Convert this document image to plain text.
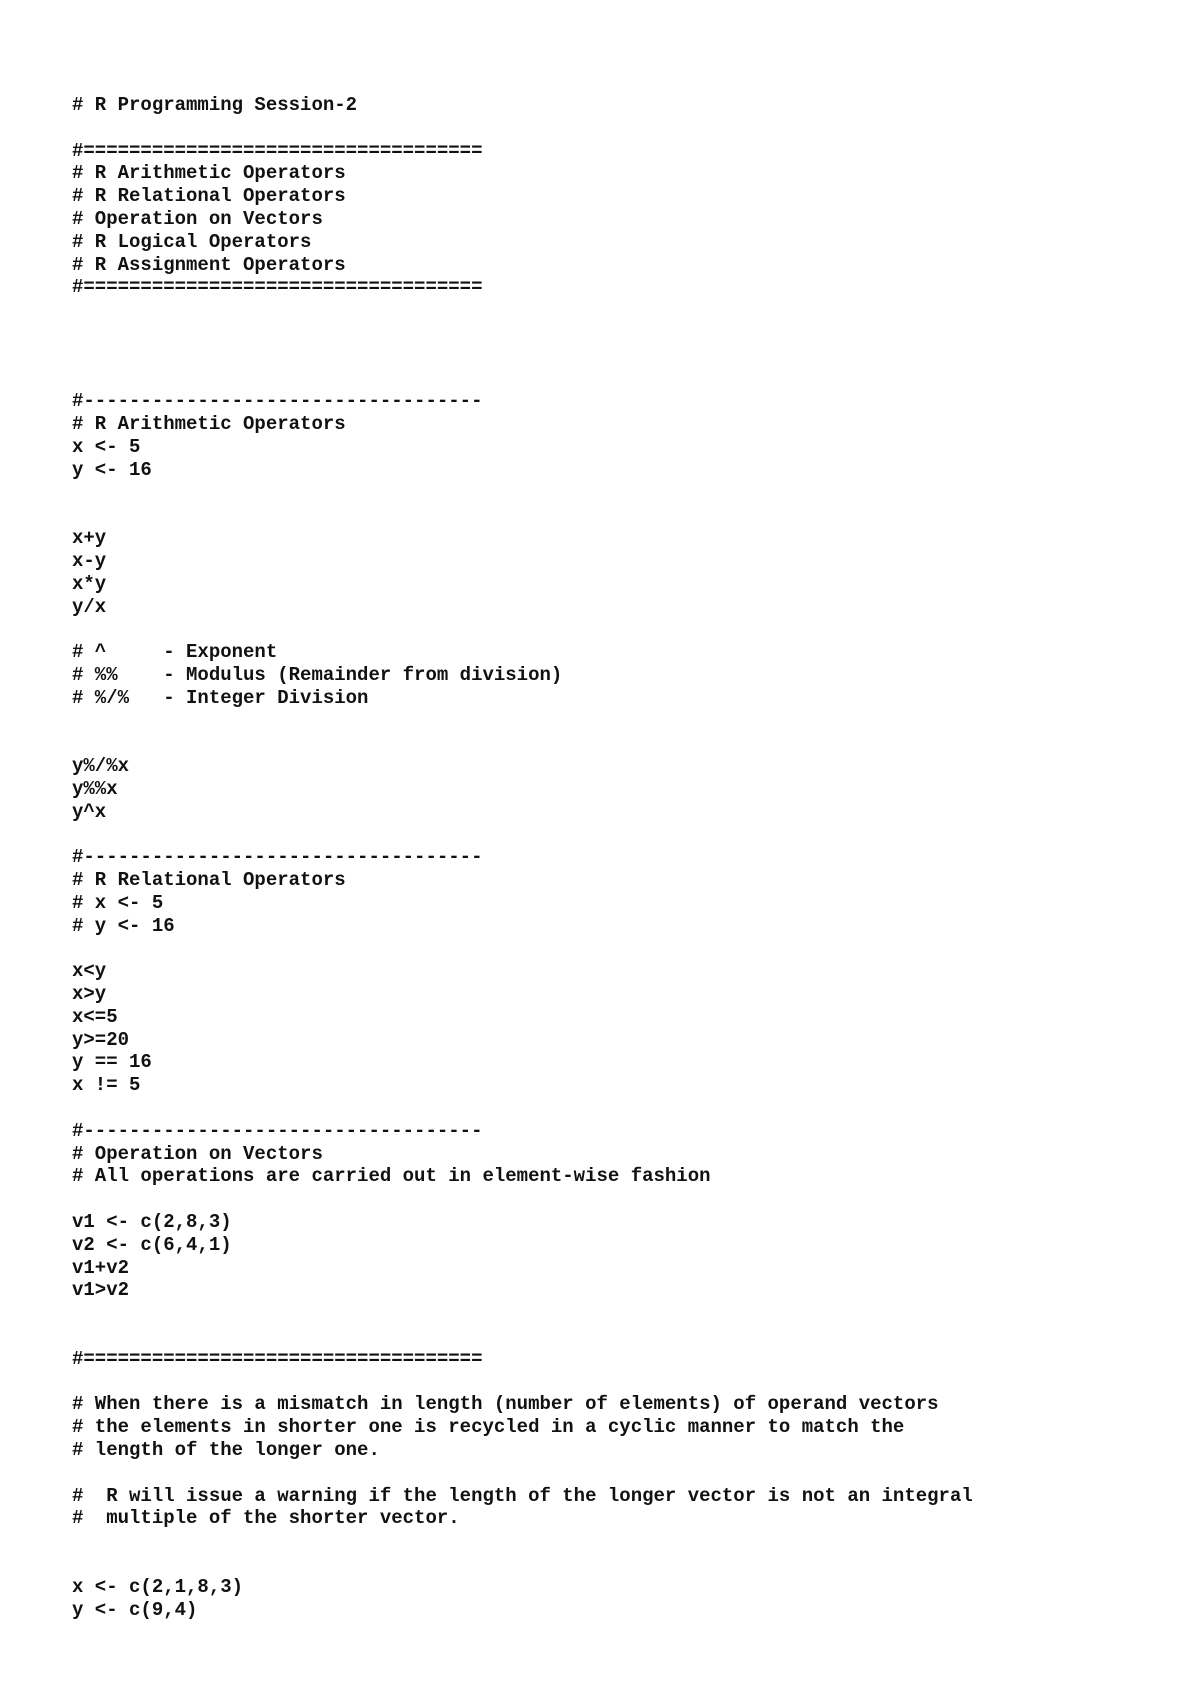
# R Programming Session-2
#===================================
# R Arithmetic Operators
# R Relational Operators
# Operation on Vectors
# R Logical Operators
# R Assignment Operators
#===================================
#-----------------------------------
# R Arithmetic Operators
x <- 5
y <- 16
x+y
x-y
x*y
y/x
# ^     - Exponent
# %%    - Modulus (Remainder from division)
# %/%   - Integer Division
y%/%x
y%%x
y^x
#-----------------------------------
# R Relational Operators
# x <- 5
# y <- 16
x<y
x>y
x<=5
y>=20
y == 16
x != 5
#-----------------------------------
# Operation on Vectors
# All operations are carried out in element-wise fashion
v1 <- c(2,8,3)
v2 <- c(6,4,1)
v1+v2
v1>v2
#===================================
# When there is a mismatch in length (number of elements) of operand vectors
# the elements in shorter one is recycled in a cyclic manner to match the
# length of the longer one.
#  R will issue a warning if the length of the longer vector is not an integral
#  multiple of the shorter vector.
x <- c(2,1,8,3)
y <- c(9,4)
